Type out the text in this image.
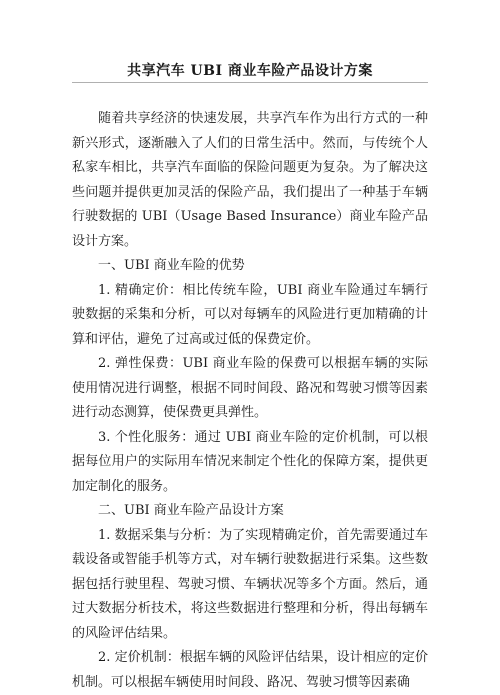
共享汽车 UBI 商业车险产品设计方案

随着共享经济的快速发展，共享汽车作为出行方式的一种新兴形式，逐渐融入了人们的日常生活中。然而，与传统个人私家车相比，共享汽车面临的保险问题更为复杂。为了解决这些问题并提供更加灵活的保险产品，我们提出了一种基于车辆行驶数据的 UBI（Usage Based Insurance）商业车险产品设计方案。

一、UBI 商业车险的优势

1. 精确定价：相比传统车险，UBI 商业车险通过车辆行驶数据的采集和分析，可以对每辆车的风险进行更加精确的计算和评估，避免了过高或过低的保费定价。

2. 弹性保费：UBI 商业车险的保费可以根据车辆的实际使用情况进行调整，根据不同时间段、路况和驾驶习惯等因素进行动态测算，使保费更具弹性。

3. 个性化服务：通过 UBI 商业车险的定价机制，可以根据每位用户的实际用车情况来制定个性化的保障方案，提供更加定制化的服务。

二、UBI 商业车险产品设计方案

1. 数据采集与分析：为了实现精确定价，首先需要通过车载设备或智能手机等方式，对车辆行驶数据进行采集。这些数据包括行驶里程、驾驶习惯、车辆状况等多个方面。然后，通过大数据分析技术，将这些数据进行整理和分析，得出每辆车的风险评估结果。

2. 定价机制：根据车辆的风险评估结果，设计相应的定价机制。可以根据车辆使用时间段、路况、驾驶习惯等因素确
